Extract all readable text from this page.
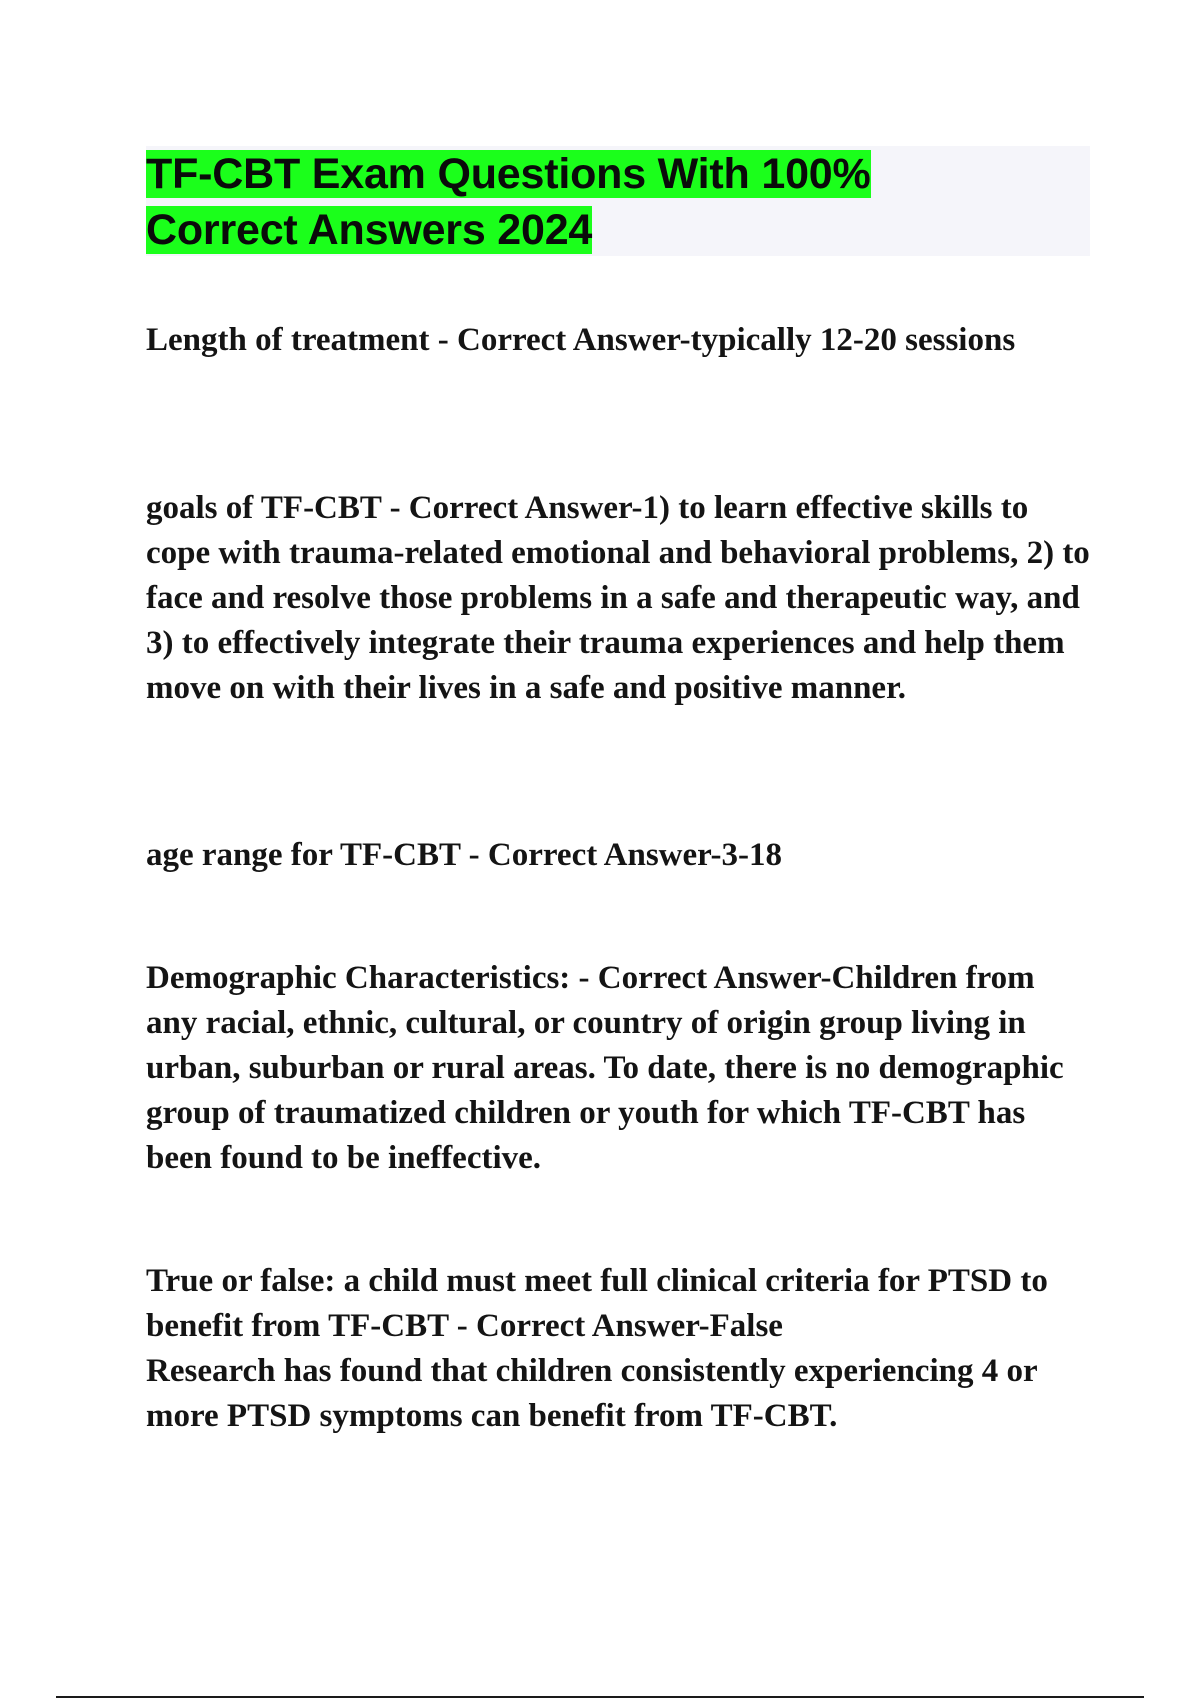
TF-CBT Exam Questions With 100%
Correct Answers 2024

Length of treatment - Correct Answer-typically 12-20 sessions

goals of TF-CBT - Correct Answer-1) to learn effective skills to cope with trauma-related emotional and behavioral problems, 2) to face and resolve those problems in a safe and therapeutic way, and 3) to effectively integrate their trauma experiences and help them move on with their lives in a safe and positive manner.

age range for TF-CBT - Correct Answer-3-18

Demographic Characteristics: - Correct Answer-Children from any racial, ethnic, cultural, or country of origin group living in urban, suburban or rural areas. To date, there is no demographic group of traumatized children or youth for which TF-CBT has been found to be ineffective.

True or false: a child must meet full clinical criteria for PTSD to benefit from TF-CBT - Correct Answer-False
Research has found that children consistently experiencing 4 or more PTSD symptoms can benefit from TF-CBT.
